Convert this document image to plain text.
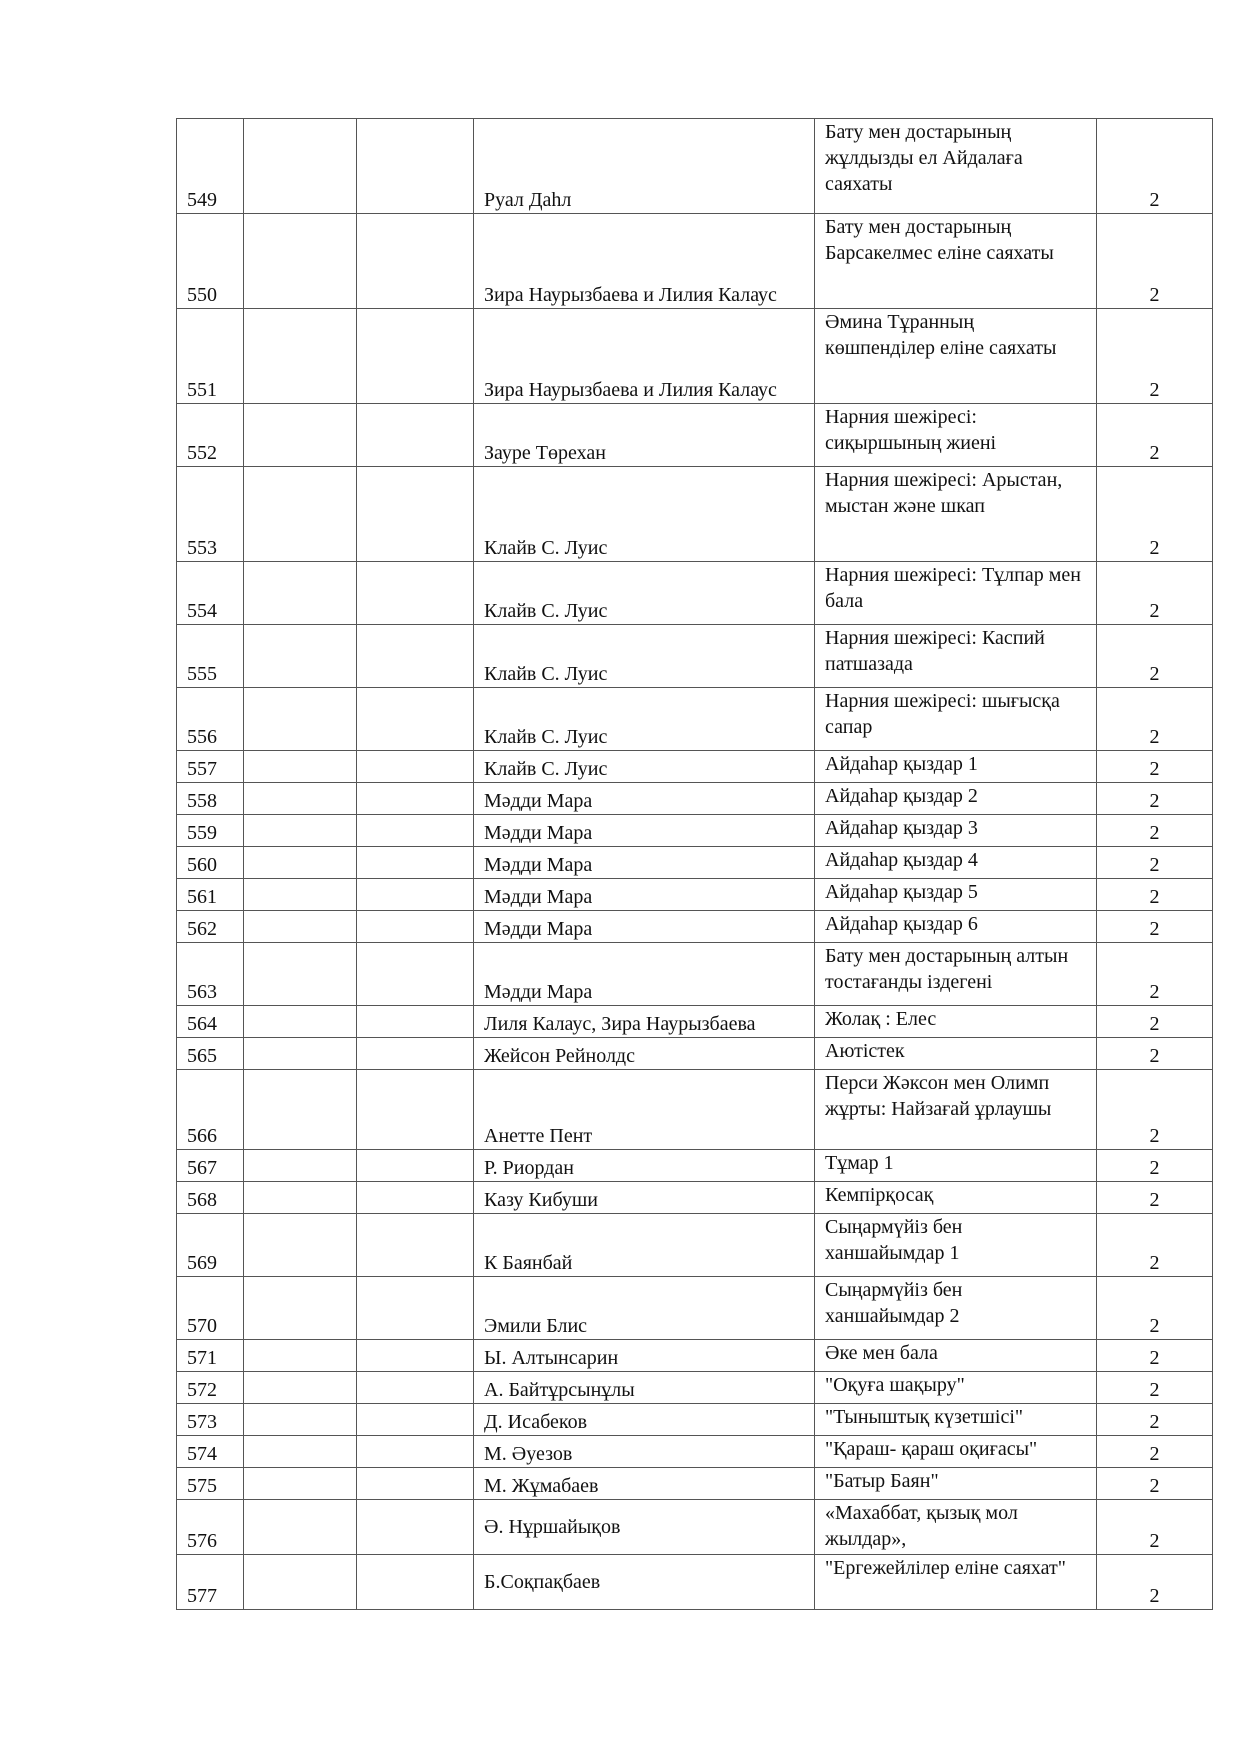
549			Руал Даһл	Бату мен достарының жұлдызды ел Айдалаға саяхаты	2
550			Зира Наурызбаева и Лилия Калаус	Бату мен достарының Барсакелмес еліне саяхаты	2
551			Зира Наурызбаева и Лилия Калаус	Әмина Тұранның көшпенділер еліне саяхаты	2
552			Зауре Төрехан	Нарния шежіресі: сиқыршының жиені	2
553			Клайв С. Луис	Нарния шежіресі: Арыстан, мыстан және шкап	2
554			Клайв С. Луис	Нарния шежіресі: Тұлпар мен бала	2
555			Клайв С. Луис	Нарния шежіресі: Каспий патшазада	2
556			Клайв С. Луис	Нарния шежіресі: шығысқа сапар	2
557			Клайв С. Луис	Айдаһар қыздар 1	2
558			Мәдди Мара	Айдаһар қыздар 2	2
559			Мәдди Мара	Айдаһар қыздар 3	2
560			Мәдди Мара	Айдаһар қыздар 4	2
561			Мәдди Мара	Айдаһар қыздар 5	2
562			Мәдди Мара	Айдаһар қыздар 6	2
563			Мәдди Мара	Бату мен достарының алтын тостағанды іздегені	2
564			Лиля Калаус, Зира Наурызбаева	Жолақ : Елес	2
565			Жейсон Рейнолдс	Аютістек	2
566			Анетте Пент	Перси Жәксон мен Олимп жұрты: Найзағай ұрлаушы	2
567			Р. Риордан	Тұмар 1	2
568			Казу Кибуши	Кемпірқосақ	2
569			К Баянбай	Сыңармүйіз бен ханшайымдар 1	2
570			Эмили Блис	Сыңармүйіз бен ханшайымдар 2	2
571			Ы. Алтынсарин	Әке мен бала	2
572			А. Байтұрсынұлы	"Оқуға шақыру"	2
573			Д. Исабеков	"Тыныштық күзетшісі"	2
574			М. Әуезов	"Қараш- қараш оқиғасы"	2
575			М. Жұмабаев	"Батыр Баян"	2
576			Ә. Нұршайықов	«Махаббат, қызық мол жылдар»,	2
577			Б.Соқпақбаев	"Ергежейлілер еліне саяхат"	2
